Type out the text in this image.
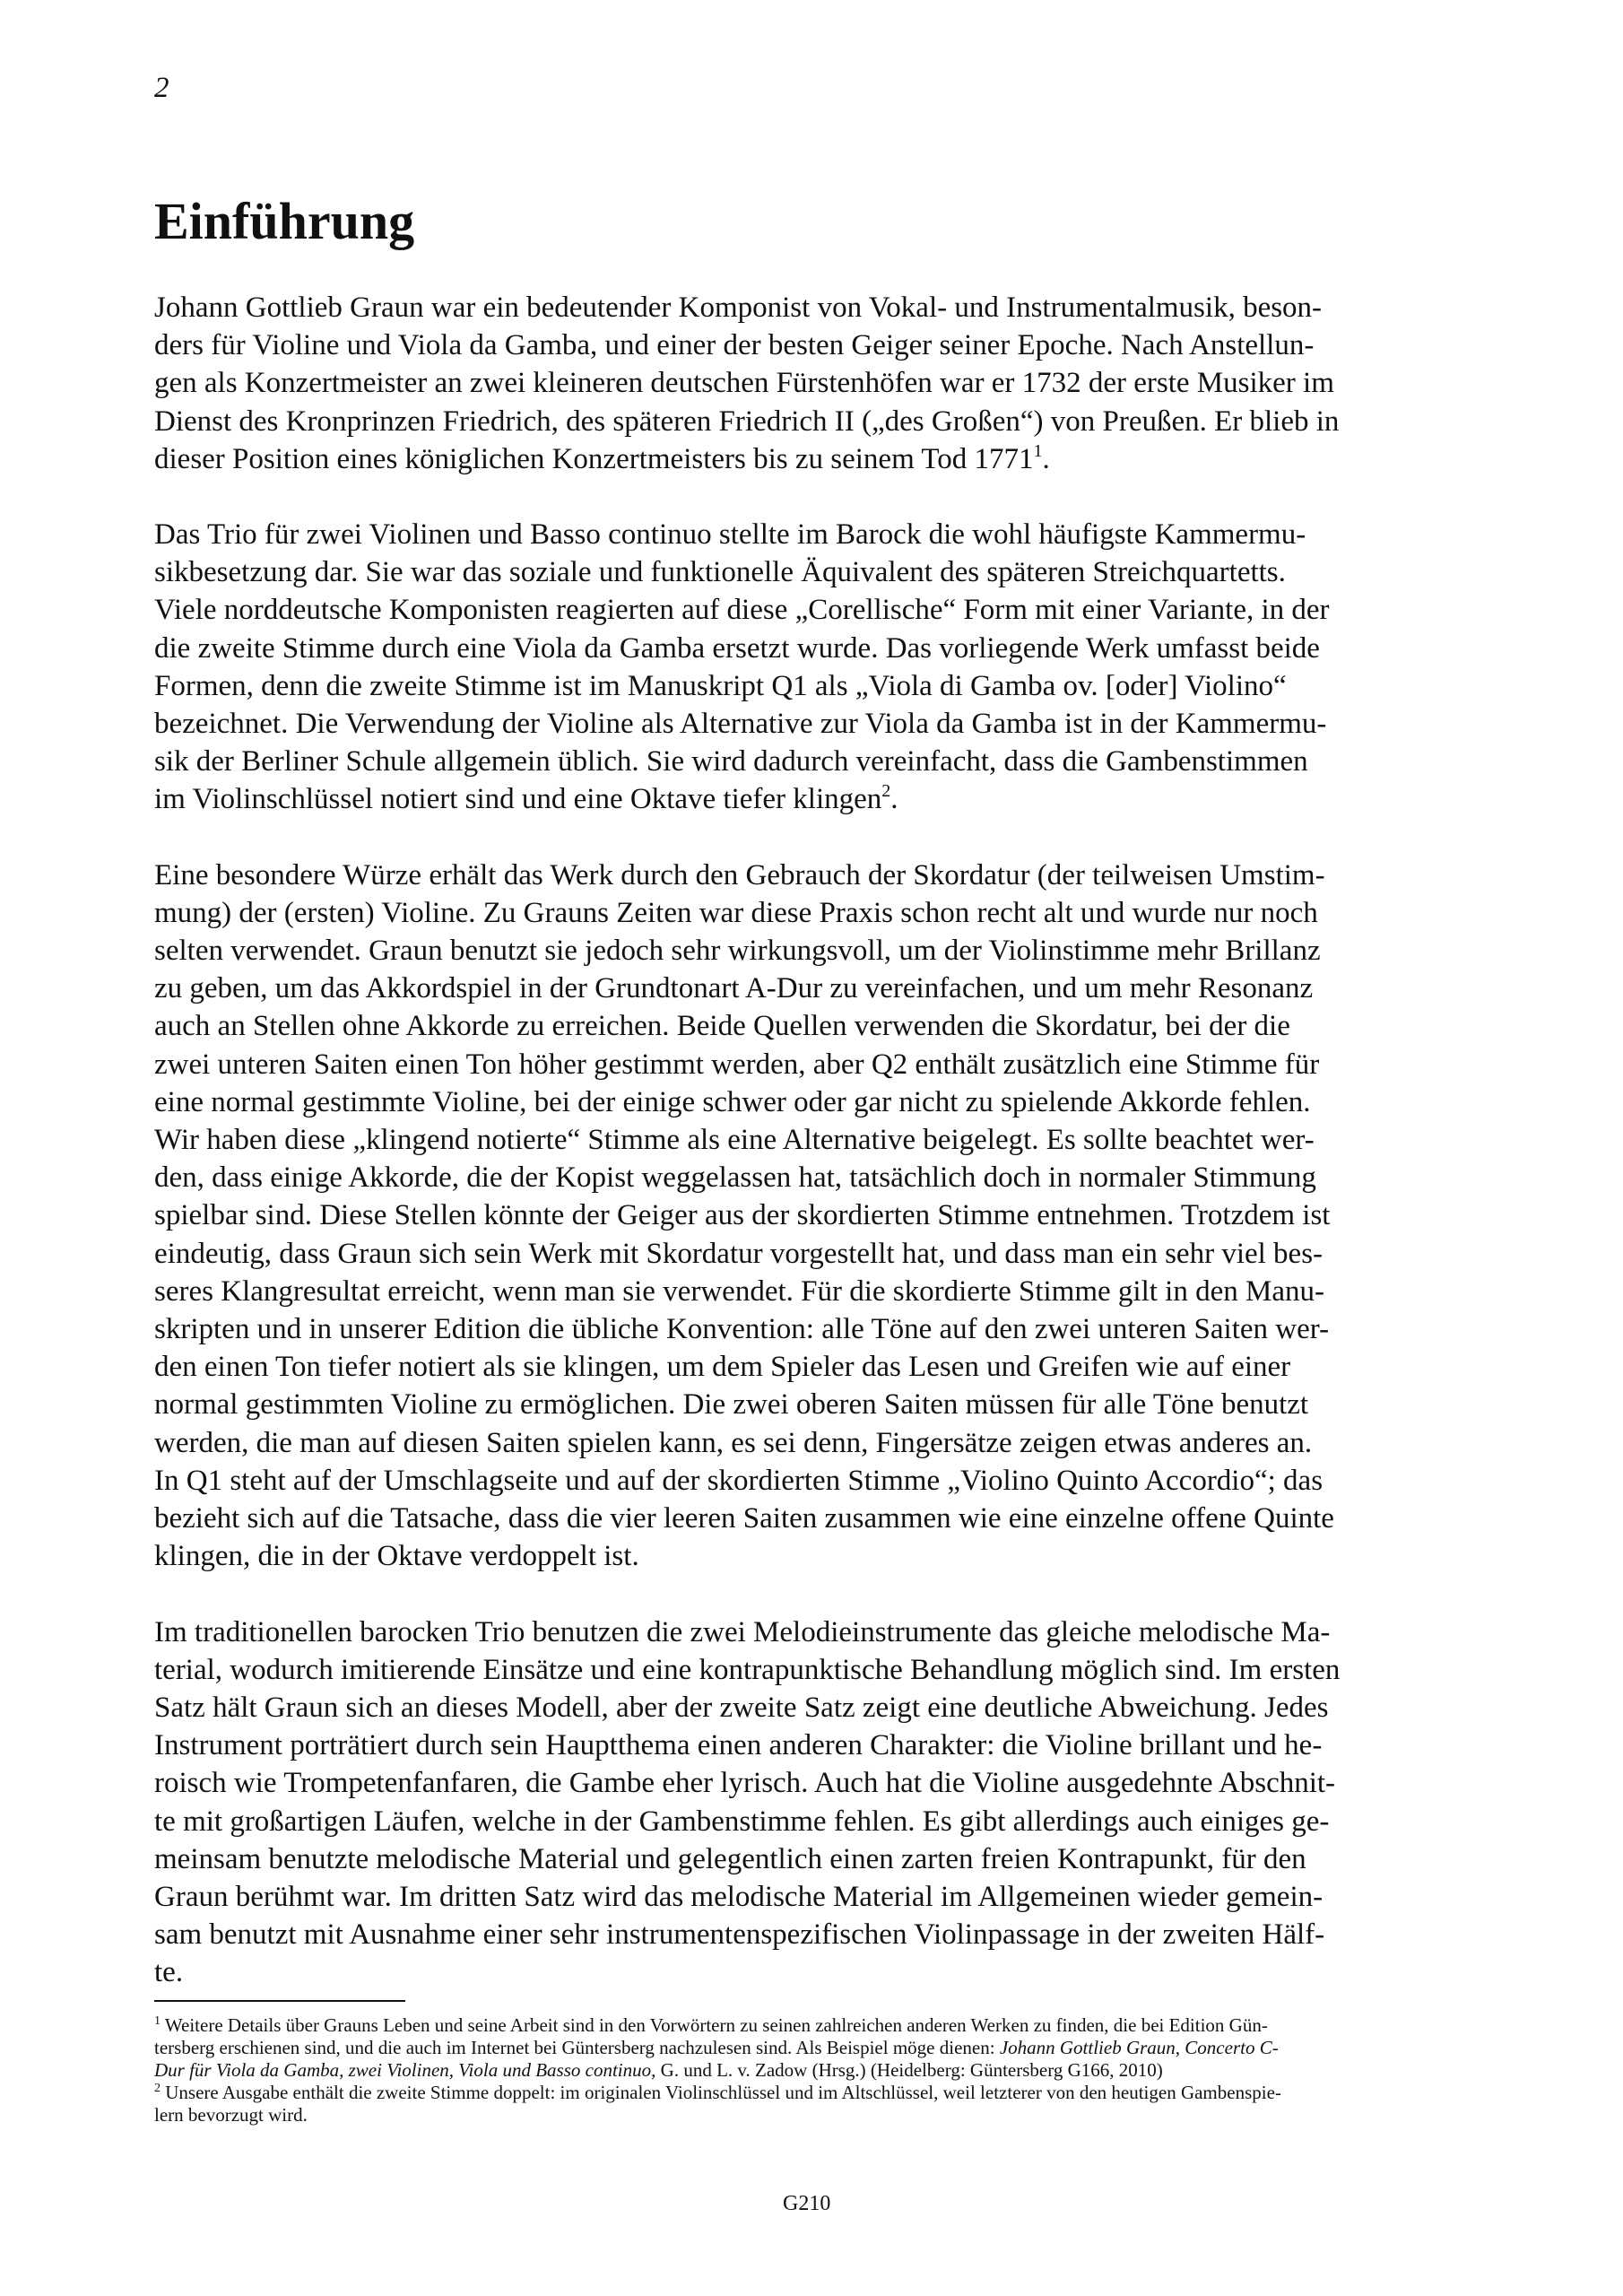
2
Einführung

Johann Gottlieb Graun war ein bedeutender Komponist von Vokal- und Instrumentalmusik, beson-
ders für Violine und Viola da Gamba, und einer der besten Geiger seiner Epoche. Nach Anstellun-
gen als Konzertmeister an zwei kleineren deutschen Fürstenhöfen war er 1732 der erste Musiker im
Dienst des Kronprinzen Friedrich, des späteren Friedrich II („des Großen“) von Preußen. Er blieb in
dieser Position eines königlichen Konzertmeisters bis zu seinem Tod 1771$^1$.

Das Trio für zwei Violinen und Basso continuo stellte im Barock die wohl häufigste Kammermu-
sikbesetzung dar. Sie war das soziale und funktionelle Äquivalent des späteren Streichquartetts.
Viele norddeutsche Komponisten reagierten auf diese „Corellische“ Form mit einer Variante, in der
die zweite Stimme durch eine Viola da Gamba ersetzt wurde. Das vorliegende Werk umfasst beide
Formen, denn die zweite Stimme ist im Manuskript Q1 als „Viola di Gamba ov. [oder] Violino“
bezeichnet. Die Verwendung der Violine als Alternative zur Viola da Gamba ist in der Kammermu-
sik der Berliner Schule allgemein üblich. Sie wird dadurch vereinfacht, dass die Gambenstimmen
im Violinschlüssel notiert sind und eine Oktave tiefer klingen$^2$.

Eine besondere Würze erhält das Werk durch den Gebrauch der Skordatur (der teilweisen Umstim-
mung) der (ersten) Violine. Zu Grauns Zeiten war diese Praxis schon recht alt und wurde nur noch
selten verwendet. Graun benutzt sie jedoch sehr wirkungsvoll, um der Violinstimme mehr Brillanz
zu geben, um das Akkordspiel in der Grundtonart A-Dur zu vereinfachen, und um mehr Resonanz
auch an Stellen ohne Akkorde zu erreichen. Beide Quellen verwenden die Skordatur, bei der die
zwei unteren Saiten einen Ton höher gestimmt werden, aber Q2 enthält zusätzlich eine Stimme für
eine normal gestimmte Violine, bei der einige schwer oder gar nicht zu spielende Akkorde fehlen.
Wir haben diese „klingend notierte“ Stimme als eine Alternative beigelegt. Es sollte beachtet wer-
den, dass einige Akkorde, die der Kopist weggelassen hat, tatsächlich doch in normaler Stimmung
spielbar sind. Diese Stellen könnte der Geiger aus der skordierten Stimme entnehmen. Trotzdem ist
eindeutig, dass Graun sich sein Werk mit Skordatur vorgestellt hat, und dass man ein sehr viel bes-
seres Klangresultat erreicht, wenn man sie verwendet. Für die skordierte Stimme gilt in den Manu-
skripten und in unserer Edition die übliche Konvention: alle Töne auf den zwei unteren Saiten wer-
den einen Ton tiefer notiert als sie klingen, um dem Spieler das Lesen und Greifen wie auf einer
normal gestimmten Violine zu ermöglichen. Die zwei oberen Saiten müssen für alle Töne benutzt
werden, die man auf diesen Saiten spielen kann, es sei denn, Fingersätze zeigen etwas anderes an.
In Q1 steht auf der Umschlagseite und auf der skordierten Stimme „Violino Quinto Accordio“; das
bezieht sich auf die Tatsache, dass die vier leeren Saiten zusammen wie eine einzelne offene Quinte
klingen, die in der Oktave verdoppelt ist.

Im traditionellen barocken Trio benutzen die zwei Melodieinstrumente das gleiche melodische Ma-
terial, wodurch imitierende Einsätze und eine kontrapunktische Behandlung möglich sind. Im ersten
Satz hält Graun sich an dieses Modell, aber der zweite Satz zeigt eine deutliche Abweichung. Jedes
Instrument porträtiert durch sein Hauptthema einen anderen Charakter: die Violine brillant und he-
roisch wie Trompetenfanfaren, die Gambe eher lyrisch. Auch hat die Violine ausgedehnte Abschnit-
te mit großartigen Läufen, welche in der Gambenstimme fehlen. Es gibt allerdings auch einiges ge-
meinsam benutzte melodische Material und gelegentlich einen zarten freien Kontrapunkt, für den
Graun berühmt war. Im dritten Satz wird das melodische Material im Allgemeinen wieder gemein-
sam benutzt mit Ausnahme einer sehr instrumentenspezifischen Violinpassage in der zweiten Hälf-
te.

$^1$ Weitere Details über Grauns Leben und seine Arbeit sind in den Vorwörtern zu seinen zahlreichen anderen Werken zu finden, die bei Edition Gün-
tersberg erschienen sind, und die auch im Internet bei Güntersberg nachzulesen sind. Als Beispiel möge dienen: Johann Gottlieb Graun, Concerto C-
Dur für Viola da Gamba, zwei Violinen, Viola und Basso continuo, G. und L. v. Zadow (Hrsg.) (Heidelberg: Güntersberg G166, 2010)
$^2$ Unsere Ausgabe enthält die zweite Stimme doppelt: im originalen Violinschlüssel und im Altschlüssel, weil letzterer von den heutigen Gambenspie-
lern bevorzugt wird.
G210
